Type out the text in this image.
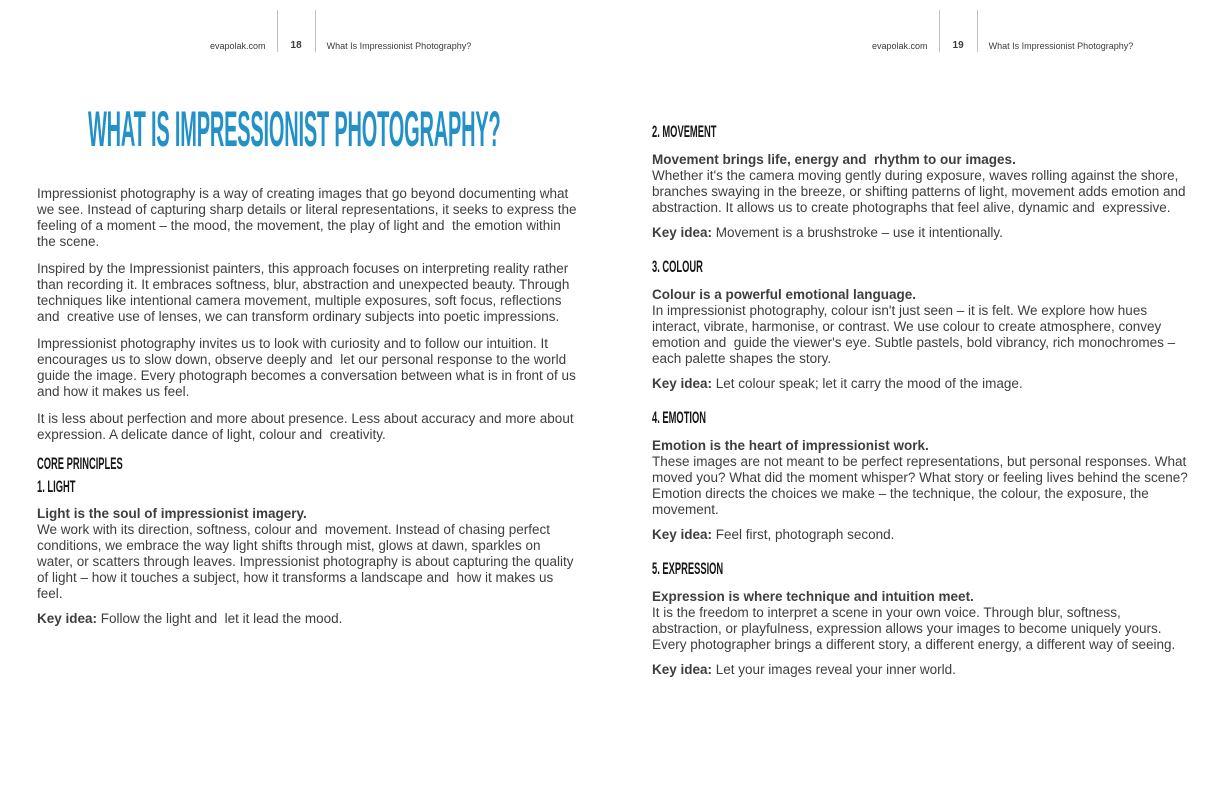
evapolak.com	18	What Is Impressionist Photography?
WHAT IS IMPRESSIONIST PHOTOGRAPHY?

Impressionist photography is a way of creating images that go beyond documenting what we see. Instead of capturing sharp details or literal representations, it seeks to express the feeling of a moment – the mood, the movement, the play of light and  the emotion within the scene.

Inspired by the Impressionist painters, this approach focuses on interpreting reality rather than recording it. It embraces softness, blur, abstraction and unexpected beauty. Through techniques like intentional camera movement, multiple exposures, soft focus, reflections and  creative use of lenses, we can transform ordinary subjects into poetic impressions.

Impressionist photography invites us to look with curiosity and to follow our intuition. It encourages us to slow down, observe deeply and  let our personal response to the world guide the image. Every photograph becomes a conversation between what is in front of us and how it makes us feel.

It is less about perfection and more about presence. Less about accuracy and more about expression. A delicate dance of light, colour and  creativity.

CORE PRINCIPLES
1. LIGHT

Light is the soul of impressionist imagery.

We work with its direction, softness, colour and  movement. Instead of chasing perfect conditions, we embrace the way light shifts through mist, glows at dawn, sparkles on water, or scatters through leaves. Impressionist photography is about capturing the quality of light – how it touches a subject, how it transforms a landscape and  how it makes us feel.

Key idea: Follow the light and  let it lead the mood.

evapolak.com	19	What Is Impressionist Photography?
2. MOVEMENT

Movement brings life, energy and  rhythm to our images.

Whether it's the camera moving gently during exposure, waves rolling against the shore, branches swaying in the breeze, or shifting patterns of light, movement adds emotion and abstraction. It allows us to create photographs that feel alive, dynamic and  expressive.

Key idea: Movement is a brushstroke – use it intentionally.

3. COLOUR

Colour is a powerful emotional language.

In impressionist photography, colour isn't just seen – it is felt. We explore how hues interact, vibrate, harmonise, or contrast. We use colour to create atmosphere, convey emotion and  guide the viewer's eye. Subtle pastels, bold vibrancy, rich monochromes – each palette shapes the story.

Key idea: Let colour speak; let it carry the mood of the image.

4. EMOTION

Emotion is the heart of impressionist work.

These images are not meant to be perfect representations, but personal responses. What moved you? What did the moment whisper? What story or feeling lives behind the scene? Emotion directs the choices we make – the technique, the colour, the exposure, the movement.

Key idea: Feel first, photograph second.

5. EXPRESSION

Expression is where technique and intuition meet.

It is the freedom to interpret a scene in your own voice. Through blur, softness, abstraction, or playfulness, expression allows your images to become uniquely yours. Every photographer brings a different story, a different energy, a different way of seeing.

Key idea: Let your images reveal your inner world.
